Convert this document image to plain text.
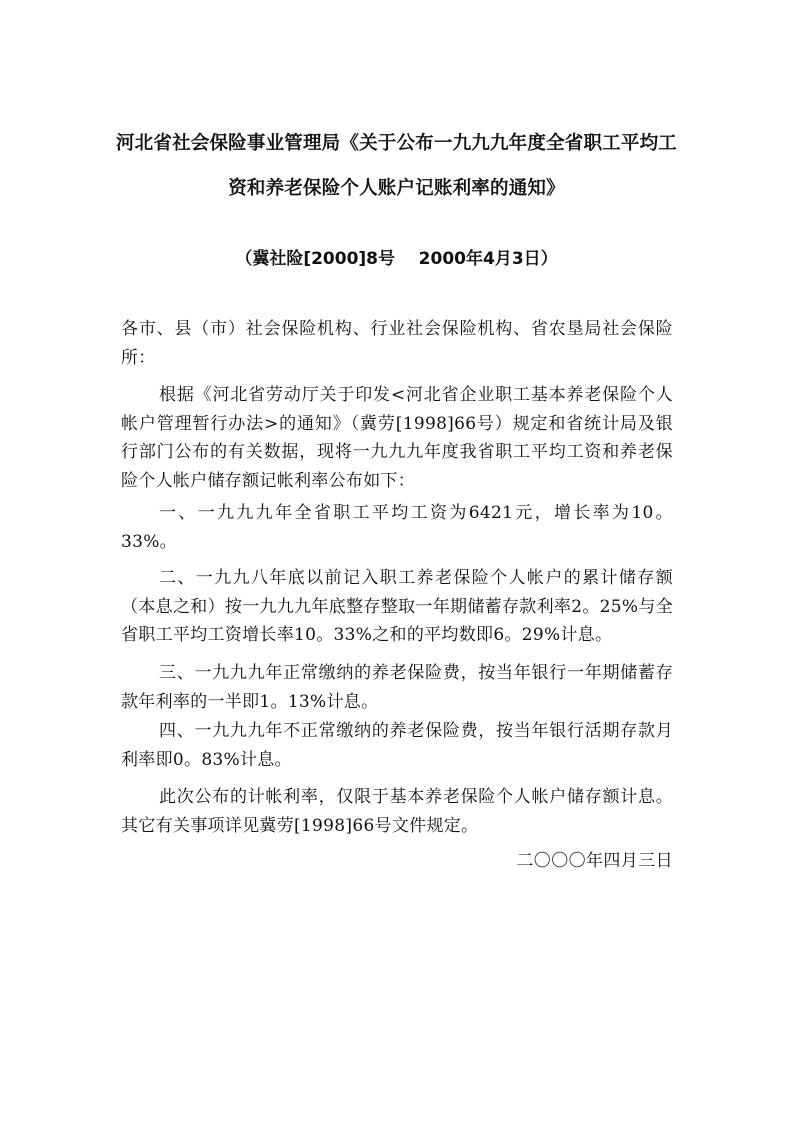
河北省社会保险事业管理局《关于公布一九九九年度全省职工平均工
资和养老保险个人账户记账利率的通知》
（冀社险[2000]8号    2000年4月3日）

各市、县（市）社会保险机构、行业社会保险机构、省农垦局社会保险所：

根据《河北省劳动厅关于印发<河北省企业职工基本养老保险个人帐户管理暂行办法>的通知》（冀劳[1998]66号）规定和省统计局及银行部门公布的有关数据，现将一九九九年度我省职工平均工资和养老保险个人帐户储存额记帐利率公布如下：

一、一九九九年全省职工平均工资为6421元，增长率为10。33%。

二、一九九八年底以前记入职工养老保险个人帐户的累计储存额（本息之和）按一九九九年底整存整取一年期储蓄存款利率2。25%与全省职工平均工资增长率10。33%之和的平均数即6。29%计息。

三、一九九九年正常缴纳的养老保险费，按当年银行一年期储蓄存款年利率的一半即1。13%计息。

四、一九九九年不正常缴纳的养老保险费，按当年银行活期存款月利率即0。83%计息。

此次公布的计帐利率，仅限于基本养老保险个人帐户储存额计息。其它有关事项详见冀劳[1998]66号文件规定。

二〇〇〇年四月三日
